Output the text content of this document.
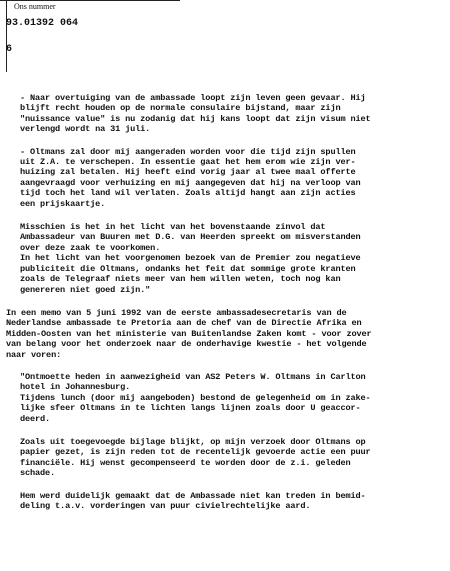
Ons nummer
93.01392 064
6
- Naar overtuiging van de ambassade loopt zijn leven geen gevaar. Hij
blijft recht houden op de normale consulaire bijstand, maar zijn
"nuissance value" is nu zodanig dat hij kans loopt dat zijn visum niet
verlengd wordt na 31 juli.
- Oltmans zal door mij aangeraden worden voor die tijd zijn spullen
uit Z.A. te verschepen. In essentie gaat het hem erom wie zijn ver-
huizing zal betalen. Hij heeft eind vorig jaar al twee maal offerte
aangevraagd voor verhuizing en mij aangegeven dat hij na verloop van
tijd toch het land wil verlaten. Zoals altijd hangt aan zijn acties
een prijskaartje.
Misschien is het in het licht van het bovenstaande zinvol dat
Ambassadeur van Buuren met D.G. van Heerden spreekt om misverstanden
over deze zaak te voorkomen.
In het licht van het voorgenomen bezoek van de Premier zou negatieve
publiciteit die Oltmans, ondanks het feit dat sommige grote kranten
zoals de Telegraaf niets meer van hem willen weten, toch nog kan
genereren niet goed zijn."
In een memo van 5 juni 1992 van de eerste ambassadesecretaris van de
Nederlandse ambassade te Pretoria aan de chef van de Directie Afrika en
Midden-Oosten van het ministerie van Buitenlandse Zaken komt - voor zover
van belang voor het onderzoek naar de onderhavige kwestie - het volgende
naar voren:
"Ontmoette heden in aanwezigheid van AS2 Peters W. Oltmans in Carlton
hotel in Johannesburg.
Tijdens lunch (door mij aangeboden) bestond de gelegenheid om in zake-
lijke sfeer Oltmans in te lichten langs lijnen zoals door U geaccor-
deerd.
Zoals uit toegevoegde bijlage blijkt, op mijn verzoek door Oltmans op
papier gezet, is zijn reden tot de recentelijk gevoerde actie een puur
financiële. Hij wenst gecompenseerd te worden door de z.i. geleden
schade.
Hem werd duidelijk gemaakt dat de Ambassade niet kan treden in bemid-
deling t.a.v. vorderingen van puur civielrechtelijke aard.
